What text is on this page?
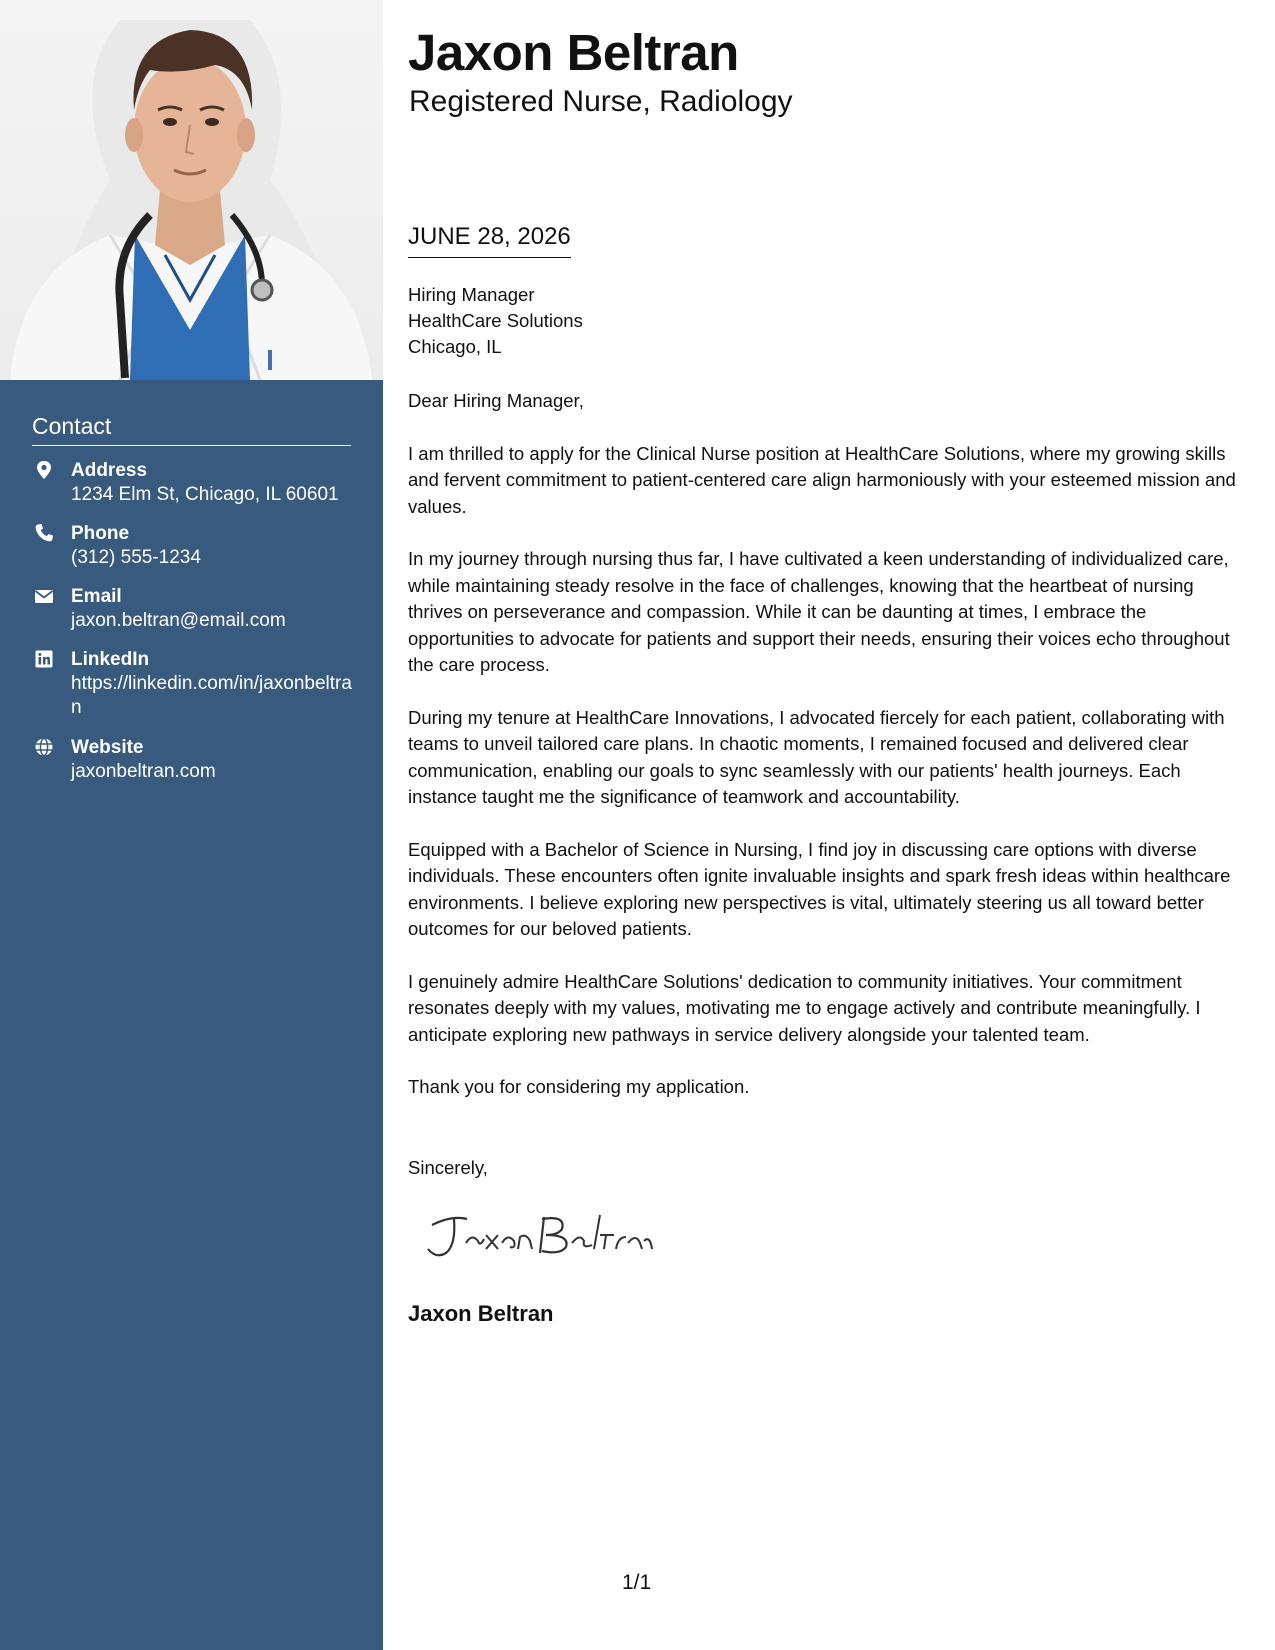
Contact
Address
1234 Elm St, Chicago, IL 60601
Phone
(312) 555-1234
Email
jaxon.beltran@email.com
LinkedIn
https://linkedin.com/in/jaxonbeltran
Website
jaxonbeltran.com
Jaxon Beltran
Registered Nurse, Radiology
JUNE 28, 2026
Hiring Manager
HealthCare Solutions
Chicago, IL

Dear Hiring Manager,

I am thrilled to apply for the Clinical Nurse position at HealthCare Solutions, where my growing skills and fervent commitment to patient-centered care align harmoniously with your esteemed mission and values.

In my journey through nursing thus far, I have cultivated a keen understanding of individualized care, while maintaining steady resolve in the face of challenges, knowing that the heartbeat of nursing thrives on perseverance and compassion. While it can be daunting at times, I embrace the opportunities to advocate for patients and support their needs, ensuring their voices echo throughout the care process.

During my tenure at HealthCare Innovations, I advocated fiercely for each patient, collaborating with teams to unveil tailored care plans. In chaotic moments, I remained focused and delivered clear communication, enabling our goals to sync seamlessly with our patients' health journeys. Each instance taught me the significance of teamwork and accountability.

Equipped with a Bachelor of Science in Nursing, I find joy in discussing care options with diverse individuals. These encounters often ignite invaluable insights and spark fresh ideas within healthcare environments. I believe exploring new perspectives is vital, ultimately steering us all toward better outcomes for our beloved patients.

I genuinely admire HealthCare Solutions' dedication to community initiatives. Your commitment resonates deeply with my values, motivating me to engage actively and contribute meaningfully. I anticipate exploring new pathways in service delivery alongside your talented team.

Thank you for considering my application.

Sincerely,
Jaxon Beltran
1/1
